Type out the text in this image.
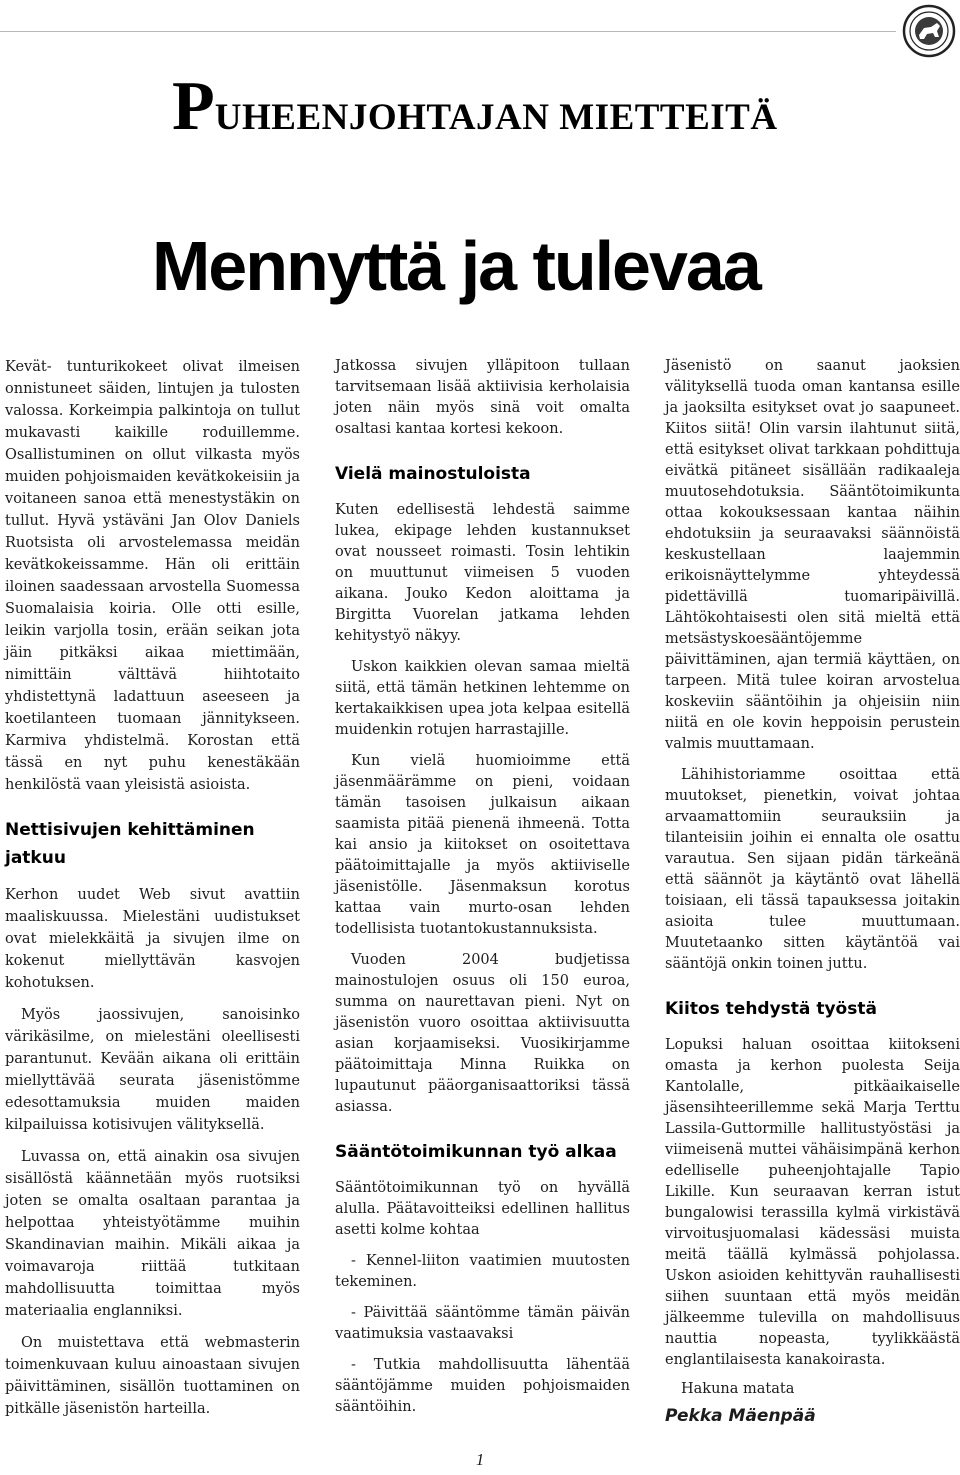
PUHEENJOHTAJAN MIETTEITÄ
Mennyttä ja tulevaa

Kevät- tunturikokeet olivat ilmeisen onnistuneet säiden, lintujen ja tulosten valossa. Korkeimpia palkintoja on tullut mukavasti kaikille roduillemme. Osallistuminen on ollut vilkasta myös muiden pohjoismaiden kevätkokeisiin ja voitaneen sanoa että menestystäkin on tullut. Hyvä ystäväni Jan Olov Daniels Ruotsista oli arvostelemassa meidän kevätkokeissamme. Hän oli erittäin iloinen saadessaan arvostella Suomessa Suomalaisia koiria. Olle otti esille, leikin varjolla tosin, erään seikan jota jäin pitkäksi aikaa miettimään, nimittäin välttävä hiihtotaito yhdistettynä ladattuun aseeseen ja koetilanteen tuomaan jännitykseen. Karmiva yhdistelmä. Korostan että tässä en nyt puhu kenestäkään henkilöstä vaan yleisistä asioista.

Nettisivujen kehittäminen jatkuu

Kerhon uudet Web sivut avattiin maaliskuussa. Mielestäni uudistukset ovat mielekkäitä ja sivujen ilme on kokenut miellyttävän kasvojen kohotuksen.

Myös jaossivujen, sanoisinko värikäsilme, on mielestäni oleellisesti parantunut. Kevään aikana oli erittäin miellyttävää seurata jäsenistömme edesottamuksia muiden maiden kilpailuissa kotisivujen välityksellä.

Luvassa on, että ainakin osa sivujen sisällöstä käännetään myös ruotsiksi joten se omalta osaltaan parantaa ja helpottaa yhteistyötämme muihin Skandinavian maihin. Mikäli aikaa ja voimavaroja riittää tutkitaan mahdollisuutta toimittaa myös materiaalia englanniksi.

On muistettava että webmasterin toimenkuvaan kuluu ainoastaan sivujen päivittäminen, sisällön tuottaminen on pitkälle jäsenistön harteilla.

Jatkossa sivujen ylläpitoon tullaan tarvitsemaan lisää aktiivisia kerholaisia joten näin myös sinä voit omalta osaltasi kantaa kortesi kekoon.

Vielä mainostuloista

Kuten edellisestä lehdestä saimme lukea, ekipage lehden kustannukset ovat nousseet roimasti. Tosin lehtikin on muuttunut viimeisen 5 vuoden aikana. Jouko Kedon aloittama ja Birgitta Vuorelan jatkama lehden kehitystyö näkyy.

Uskon kaikkien olevan samaa mieltä siitä, että tämän hetkinen lehtemme on kertakaikkisen upea jota kelpaa esitellä muidenkin rotujen harrastajille.

Kun vielä huomioimme että jäsenmäärämme on pieni, voidaan tämän tasoisen julkaisun aikaan saamista pitää pienenä ihmeenä. Totta kai ansio ja kiitokset on osoitettava päätoimittajalle ja myös aktiiviselle jäsenistölle. Jäsenmaksun korotus kattaa vain murto-osan lehden todellisista tuotantokustannuksista.

Vuoden 2004 budjetissa mainostulojen osuus oli 150 euroa, summa on naurettavan pieni. Nyt on jäsenistön vuoro osoittaa aktiivisuutta asian korjaamiseksi. Vuosikirjamme päätoimittaja Minna Ruikka on lupautunut pääorganisaattoriksi tässä asiassa.

Sääntötoimikunnan työ alkaa

Sääntötoimikunnan työ on hyvällä alulla. Päätavoitteiksi edellinen hallitus asetti kolme kohtaa

- Kennel-liiton vaatimien muutosten tekeminen.

- Päivittää sääntömme tämän päivän vaatimuksia vastaavaksi

- Tutkia mahdollisuutta lähentää sääntöjämme muiden pohjoismaiden sääntöihin.

Jäsenistö on saanut jaoksien välityksellä tuoda oman kantansa esille ja jaoksilta esitykset ovat jo saapuneet. Kiitos siitä! Olin varsin ilahtunut siitä, että esitykset olivat tarkkaan pohdittuja eivätkä pitäneet sisällään radikaaleja muutosehdotuksia. Sääntötoimikunta ottaa kokouksessaan kantaa näihin ehdotuksiin ja seuraavaksi säännöistä keskustellaan laajemmin erikoisnäyttelymme yhteydessä pidettävillä tuomaripäivillä. Lähtökohtaisesti olen sitä mieltä että metsästyskoesääntöjemme päivittäminen, ajan termiä käyttäen, on tarpeen. Mitä tulee koiran arvostelua koskeviin sääntöihin ja ohjeisiin niin niitä en ole kovin heppoisin perustein valmis muuttamaan.

Lähihistoriamme osoittaa että muutokset, pienetkin, voivat johtaa arvaamattomiin seurauksiin ja tilanteisiin joihin ei ennalta ole osattu varautua. Sen sijaan pidän tärkeänä että säännöt ja käytäntö ovat lähellä toisiaan, eli tässä tapauksessa joitakin asioita tulee muuttumaan. Muutetaanko sitten käytäntöä vai sääntöjä onkin toinen juttu.

Kiitos tehdystä työstä

Lopuksi haluan osoittaa kiitokseni omasta ja kerhon puolesta Seija Kantolalle, pitkäaikaiselle jäsensihteerillemme sekä Marja Terttu Lassila-Guttormille hallitustyöstäsi ja viimeisenä muttei vähäisimpänä kerhon edelliselle puheenjohtajalle Tapio Likille. Kun seuraavan kerran istut bungalowisi terassilla kylmä virkistävä virvoitusjuomalasi kädessäsi muista meitä täällä kylmässä pohjolassa. Uskon asioiden kehittyvän rauhallisesti siihen suuntaan että myös meidän jälkeemme tulevilla on mahdollisuus nauttia nopeasta, tyylikkäästä englantilaisesta kanakoirasta.

Hakuna matata

Pekka Mäenpää

1
